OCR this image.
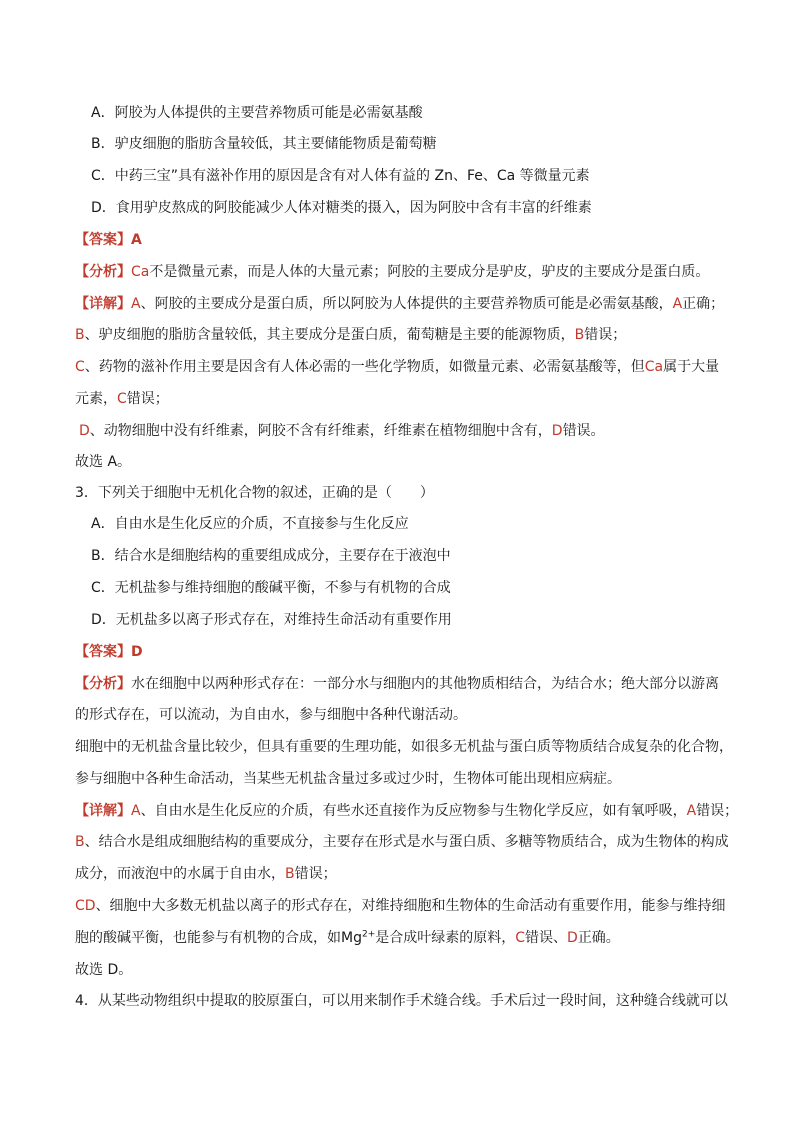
A．阿胶为人体提供的主要营养物质可能是必需氨基酸
B．驴皮细胞的脂肪含量较低，其主要储能物质是葡萄糖
C．中药三宝”具有滋补作用的原因是含有对人体有益的 Zn、Fe、Ca 等微量元素
D．食用驴皮熬成的阿胶能减少人体对糖类的摄入，因为阿胶中含有丰富的纤维素
【答案】A
【分析】Ca不是微量元素，而是人体的大量元素；阿胶的主要成分是驴皮，驴皮的主要成分是蛋白质。
【详解】A、阿胶的主要成分是蛋白质，所以阿胶为人体提供的主要营养物质可能是必需氨基酸，A正确；
B、驴皮细胞的脂肪含量较低，其主要成分是蛋白质，葡萄糖是主要的能源物质，B错误；
C、药物的滋补作用主要是因含有人体必需的一些化学物质，如微量元素、必需氨基酸等，但Ca属于大量
元素，C错误；
D、动物细胞中没有纤维素，阿胶不含有纤维素，纤维素在植物细胞中含有，D错误。
故选 A。
3．下列关于细胞中无机化合物的叙述，正确的是（　　）
A．自由水是生化反应的介质，不直接参与生化反应
B．结合水是细胞结构的重要组成成分，主要存在于液泡中
C．无机盐参与维持细胞的酸碱平衡，不参与有机物的合成
D．无机盐多以离子形式存在，对维持生命活动有重要作用
【答案】D
【分析】水在细胞中以两种形式存在：一部分水与细胞内的其他物质相结合，为结合水；绝大部分以游离
的形式存在，可以流动，为自由水，参与细胞中各种代谢活动。
细胞中的无机盐含量比较少，但具有重要的生理功能，如很多无机盐与蛋白质等物质结合成复杂的化合物，
参与细胞中各种生命活动，当某些无机盐含量过多或过少时，生物体可能出现相应病症。
【详解】A、自由水是生化反应的介质，有些水还直接作为反应物参与生物化学反应，如有氧呼吸，A错误；
B、结合水是组成细胞结构的重要成分，主要存在形式是水与蛋白质、多糖等物质结合，成为生物体的构成
成分，而液泡中的水属于自由水，B错误；
CD、细胞中大多数无机盐以离子的形式存在，对维持细胞和生物体的生命活动有重要作用，能参与维持细
胞的酸碱平衡，也能参与有机物的合成，如$Mg^{2+}$是合成叶绿素的原料，C错误、D正确。
故选 D。
4．从某些动物组织中提取的胶原蛋白，可以用来制作手术缝合线。手术后过一段时间，这种缝合线就可以
